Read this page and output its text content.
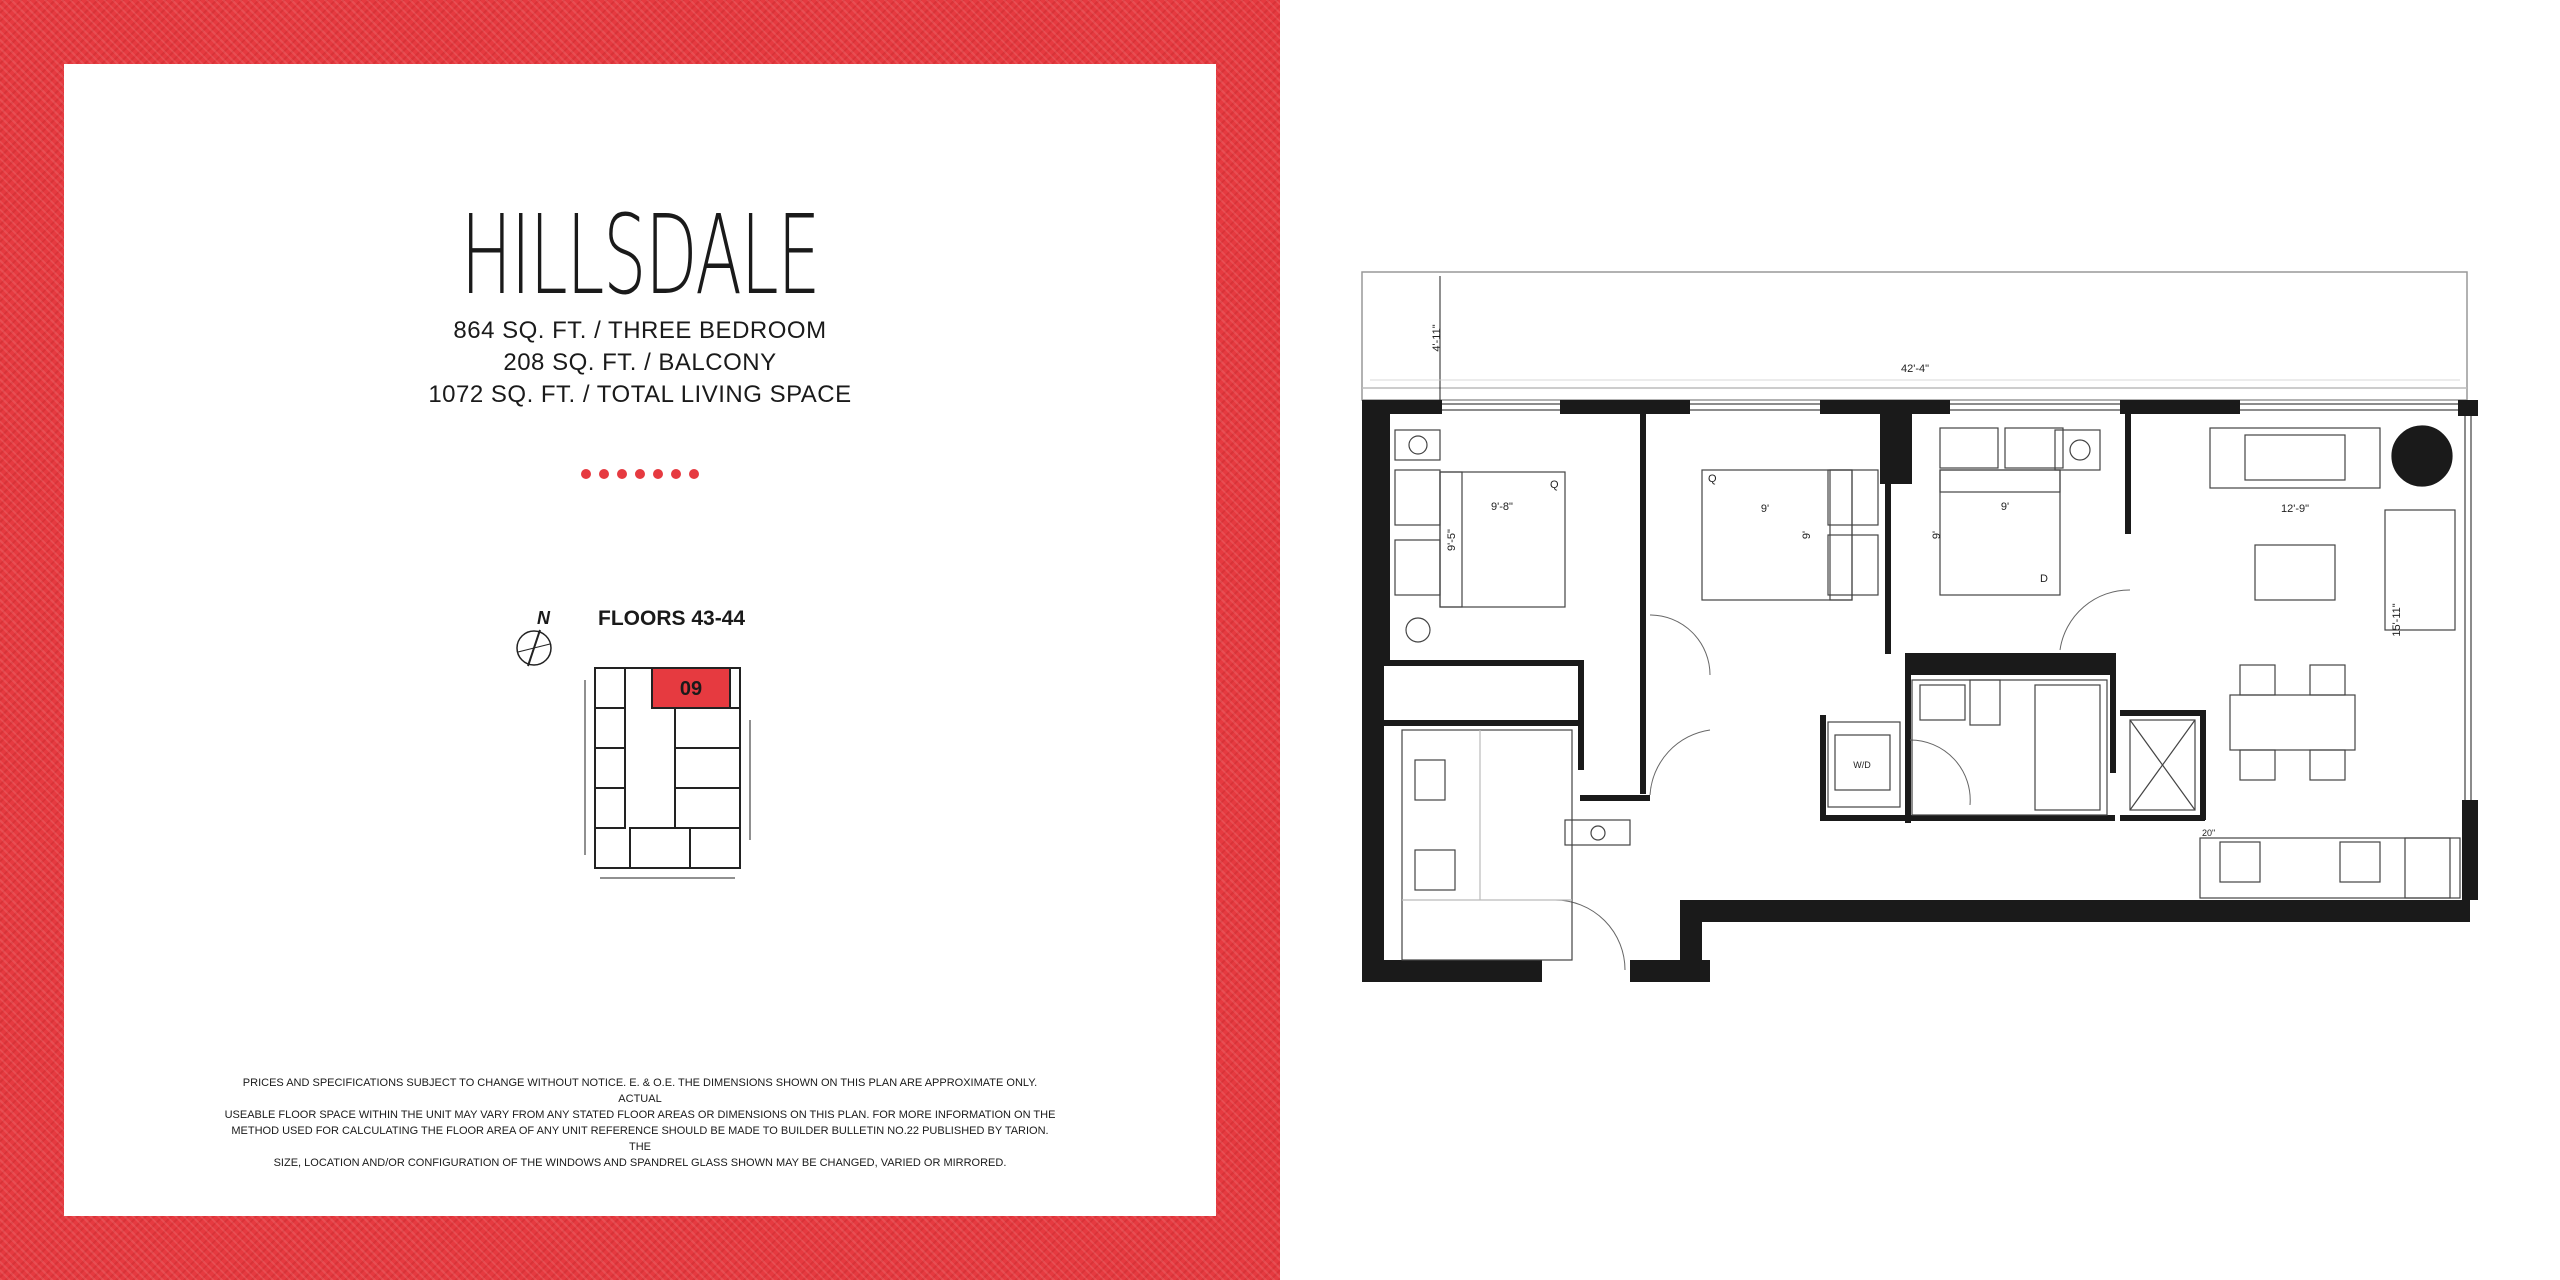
HILLSDALE
864 SQ. FT. / THREE BEDROOM
208 SQ. FT. / BALCONY
1072 SQ. FT. / TOTAL LIVING SPACE
N FLOORS 43-44
09
PRICES AND SPECIFICATIONS SUBJECT TO CHANGE WITHOUT NOTICE. E. & O.E. THE DIMENSIONS SHOWN ON THIS PLAN ARE APPROXIMATE ONLY. ACTUAL
USEABLE FLOOR SPACE WITHIN THE UNIT MAY VARY FROM ANY STATED FLOOR AREAS OR DIMENSIONS ON THIS PLAN. FOR MORE INFORMATION ON THE
METHOD USED FOR CALCULATING THE FLOOR AREA OF ANY UNIT REFERENCE SHOULD BE MADE TO BUILDER BULLETIN NO.22 PUBLISHED BY TARION. THE
SIZE, LOCATION AND/OR CONFIGURATION OF THE WINDOWS AND SPANDREL GLASS SHOWN MAY BE CHANGED, VARIED OR MIRRORED.
4'-11"
42'-4"
Q
9'-8"
9'-5"
Q
9'
9'
D
9'
9'
W/D
12'-9"
15'-11"
20"
